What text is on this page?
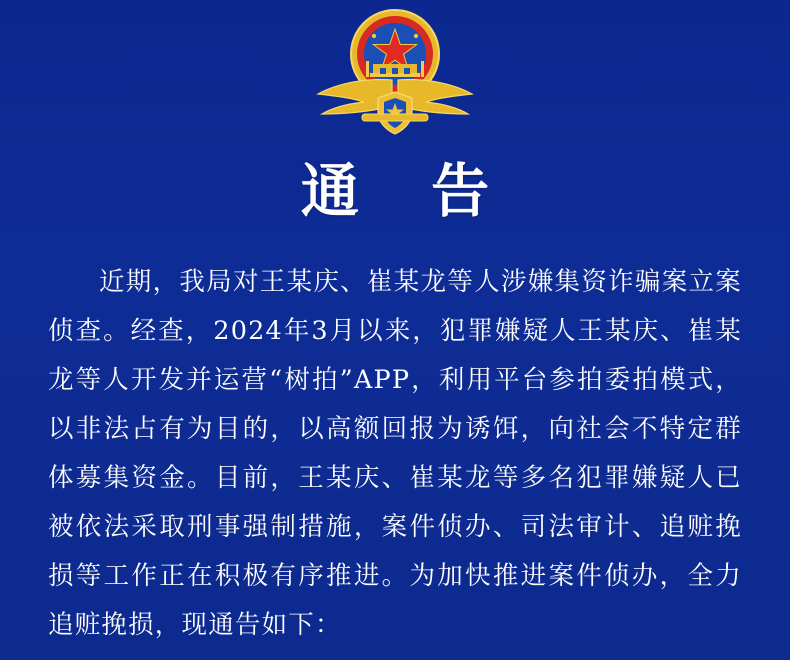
通 告

近期，我局对王某庆、崔某龙等人涉嫌集资诈骗案立案侦查。经查，2024年3月以来，犯罪嫌疑人王某庆、崔某龙等人开发并运营“树拍”APP，利用平台参拍委拍模式，以非法占有为目的，以高额回报为诱饵，向社会不特定群体募集资金。目前，王某庆、崔某龙等多名犯罪嫌疑人已被依法采取刑事强制措施，案件侦办、司法审计、追赃挽损等工作正在积极有序推进。为加快推进案件侦办，全力追赃挽损，现通告如下：
